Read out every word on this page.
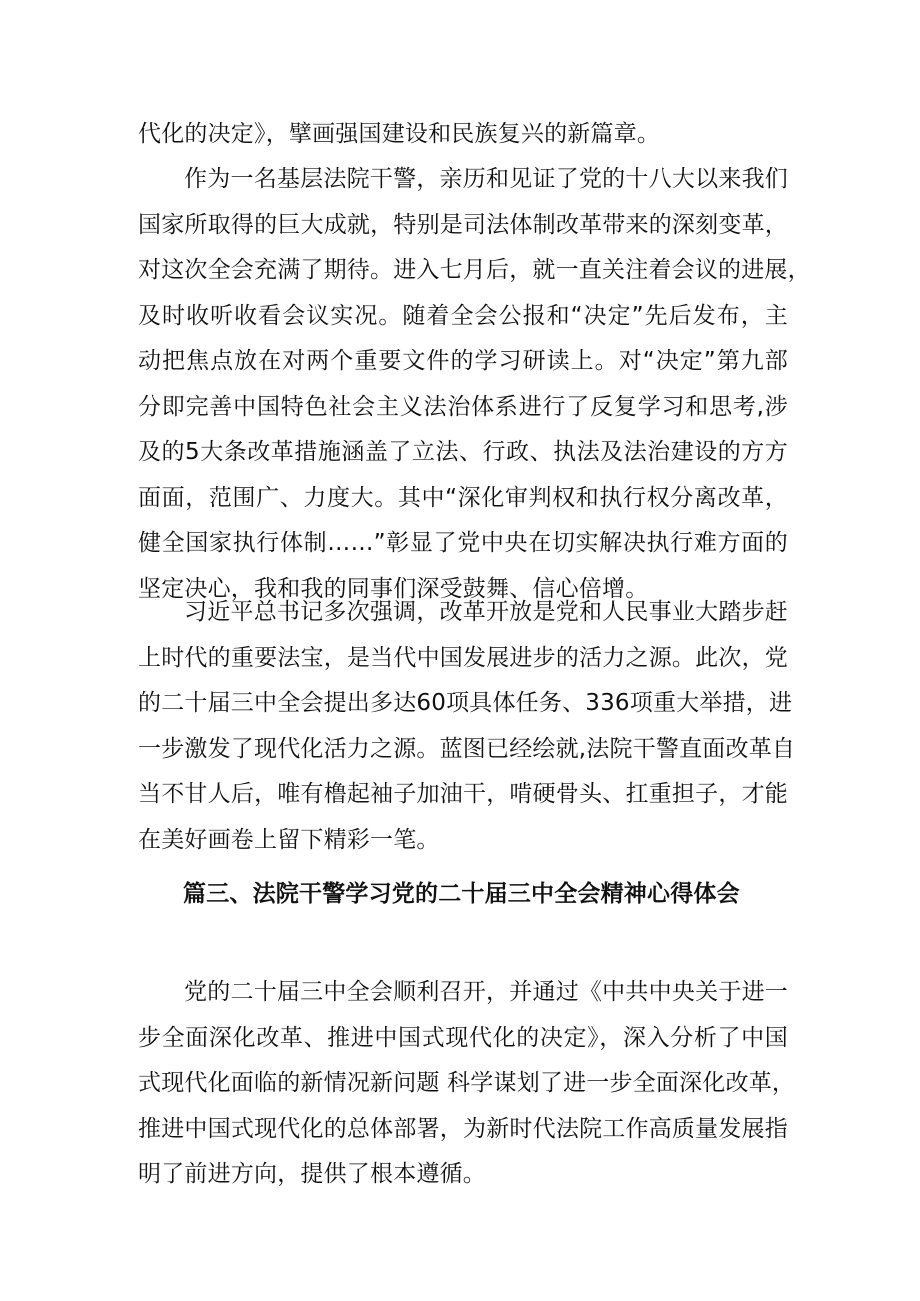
代化的决定》，擘画强国建设和民族复兴的新篇章。
作为一名基层法院干警，亲历和见证了党的十八大以来我们
国家所取得的巨大成就，特别是司法体制改革带来的深刻变革，
对这次全会充满了期待。进入七月后，就一直关注着会议的进展，
及时收听收看会议实况。随着全会公报和“决定”先后发布，主
动把焦点放在对两个重要文件的学习研读上。对“决定”第九部
分即完善中国特色社会主义法治体系进行了反复学习和思考,涉
及的5大条改革措施涵盖了立法、行政、执法及法治建设的方方
面面，范围广、力度大。其中“深化审判权和执行权分离改革，
健全国家执行体制……”彰显了党中央在切实解决执行难方面的
坚定决心，我和我的同事们深受鼓舞、信心倍增。
习近平总书记多次强调，改革开放是党和人民事业大踏步赶
上时代的重要法宝，是当代中国发展进步的活力之源。此次，党
的二十届三中全会提出多达60项具体任务、336项重大举措，进
一步激发了现代化活力之源。蓝图已经绘就,法院干警直面改革自
当不甘人后，唯有橹起袖子加油干，啃硬骨头、扛重担子，才能
在美好画卷上留下精彩一笔。
篇三、法院干警学习党的二十届三中全会精神心得体会
党的二十届三中全会顺利召开，并通过《中共中央关于进一
步全面深化改革、推进中国式现代化的决定》，深入分析了中国
式现代化面临的新情况新问题 科学谋划了进一步全面深化改革，
推进中国式现代化的总体部署，为新时代法院工作高质量发展指
明了前进方向，提供了根本遵循。
